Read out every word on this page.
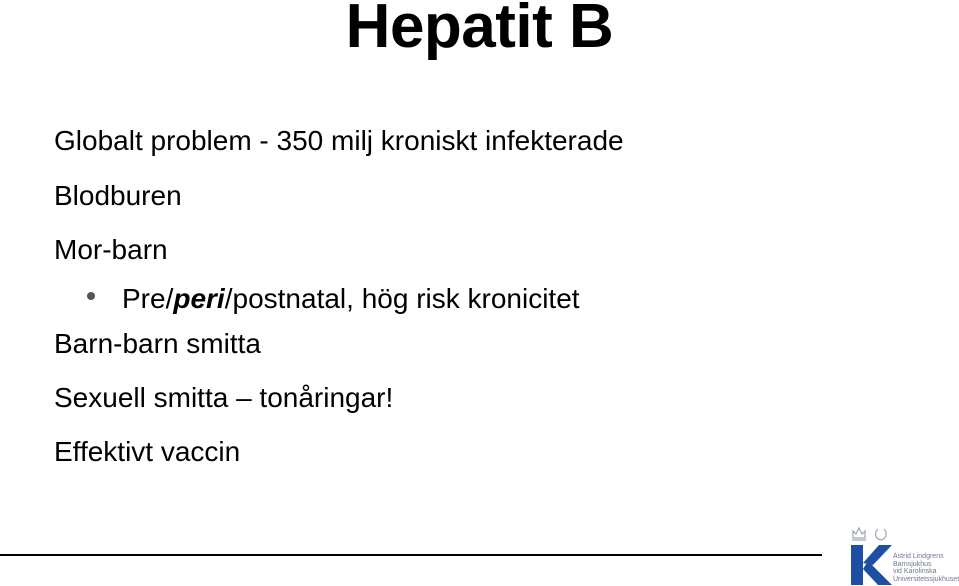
Hepatit B

Globalt problem - 350 milj kroniskt infekterade

Blodburen

Mor-barn

Pre/peri/postnatal, hög risk kronicitet

Barn-barn smitta

Sexuell smitta – tonåringar!

Effektivt vaccin

Astrid Lindgrens
Barnsjukhus
vid Karolinska
Universitetssjukhuset
